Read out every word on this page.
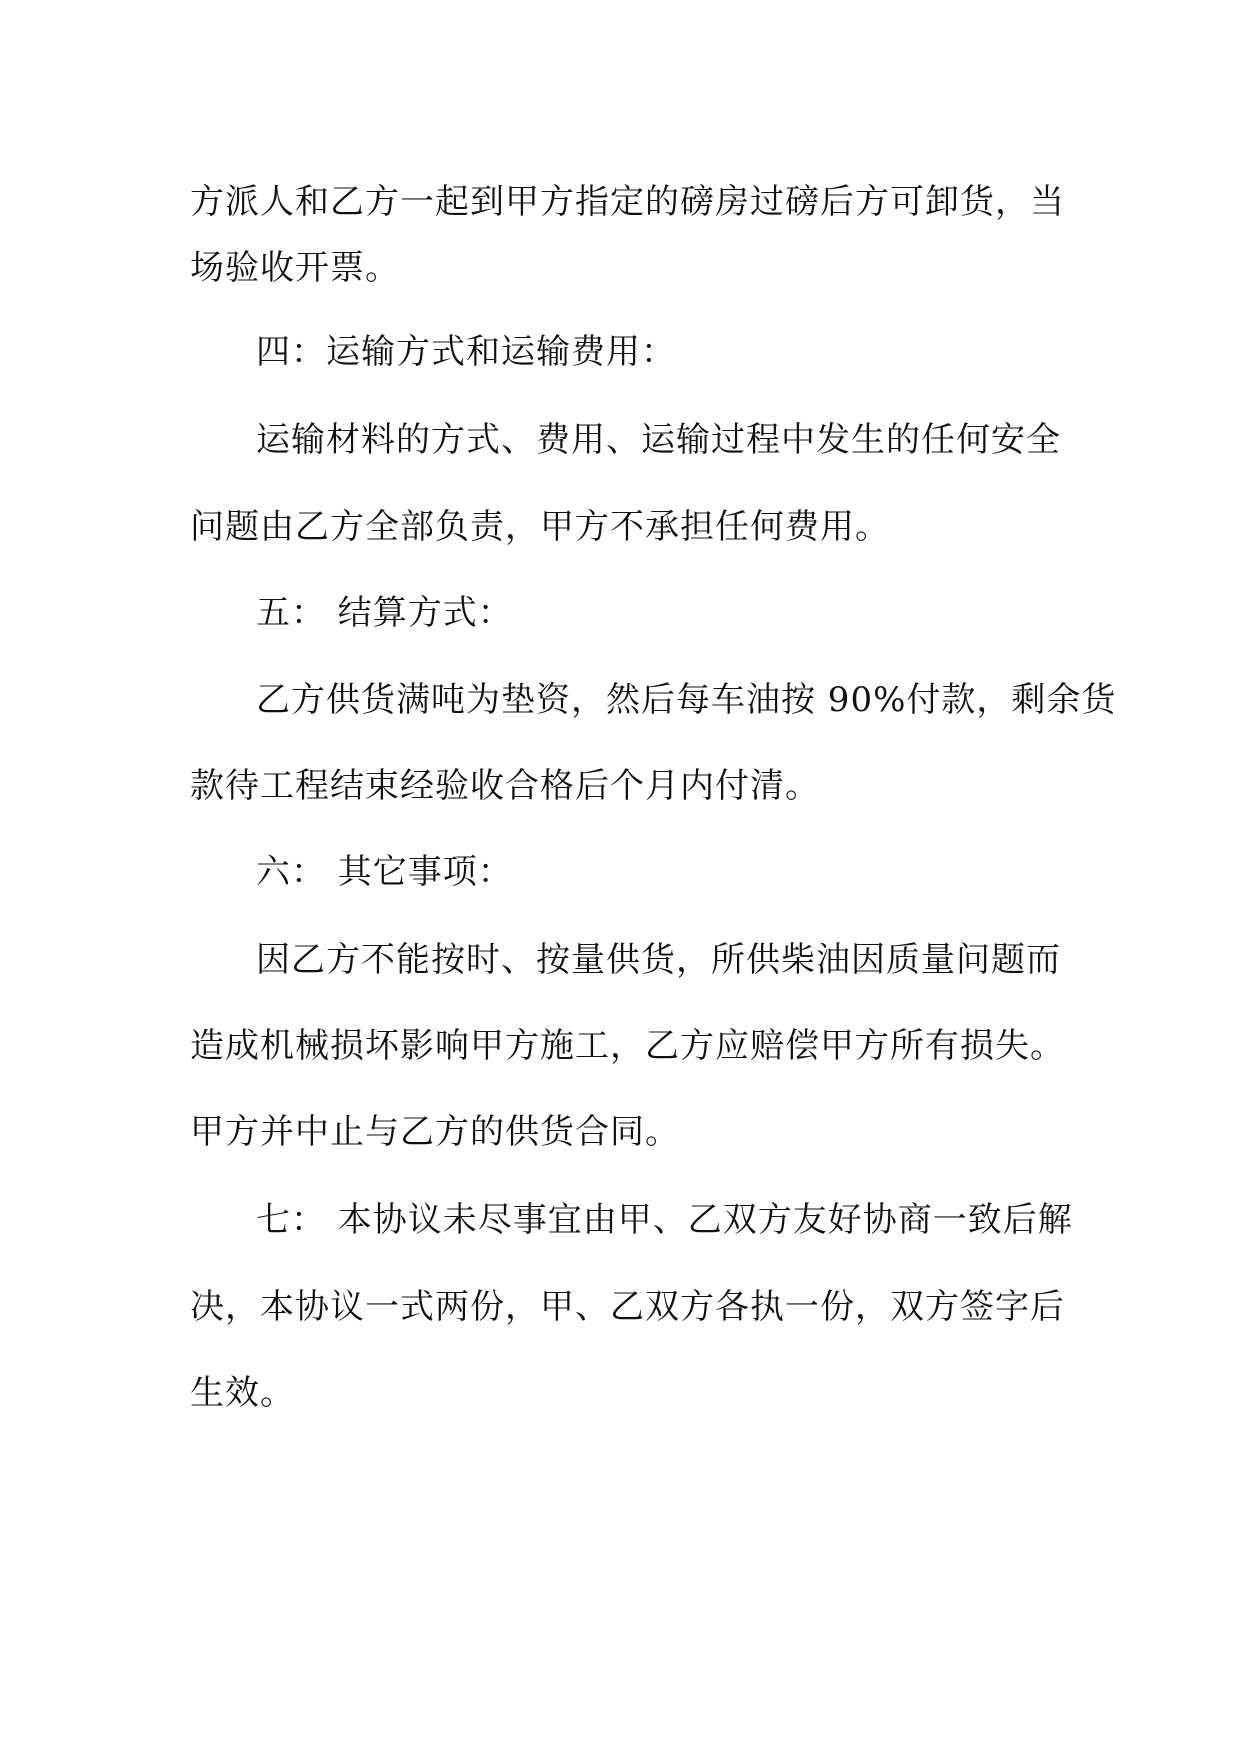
方派人和乙方一起到甲方指定的磅房过磅后方可卸货，当
场验收开票。
四：运输方式和运输费用：
运输材料的方式、费用、运输过程中发生的任何安全
问题由乙方全部负责，甲方不承担任何费用。
五： 结算方式：
乙方供货满吨为垫资，然后每车油按 90%付款，剩余货
款待工程结束经验收合格后个月内付清。
六： 其它事项：
因乙方不能按时、按量供货，所供柴油因质量问题而
造成机械损坏影响甲方施工，乙方应赔偿甲方所有损失。
甲方并中止与乙方的供货合同。
七： 本协议未尽事宜由甲、乙双方友好协商一致后解
决，本协议一式两份，甲、乙双方各执一份，双方签字后
生效。
